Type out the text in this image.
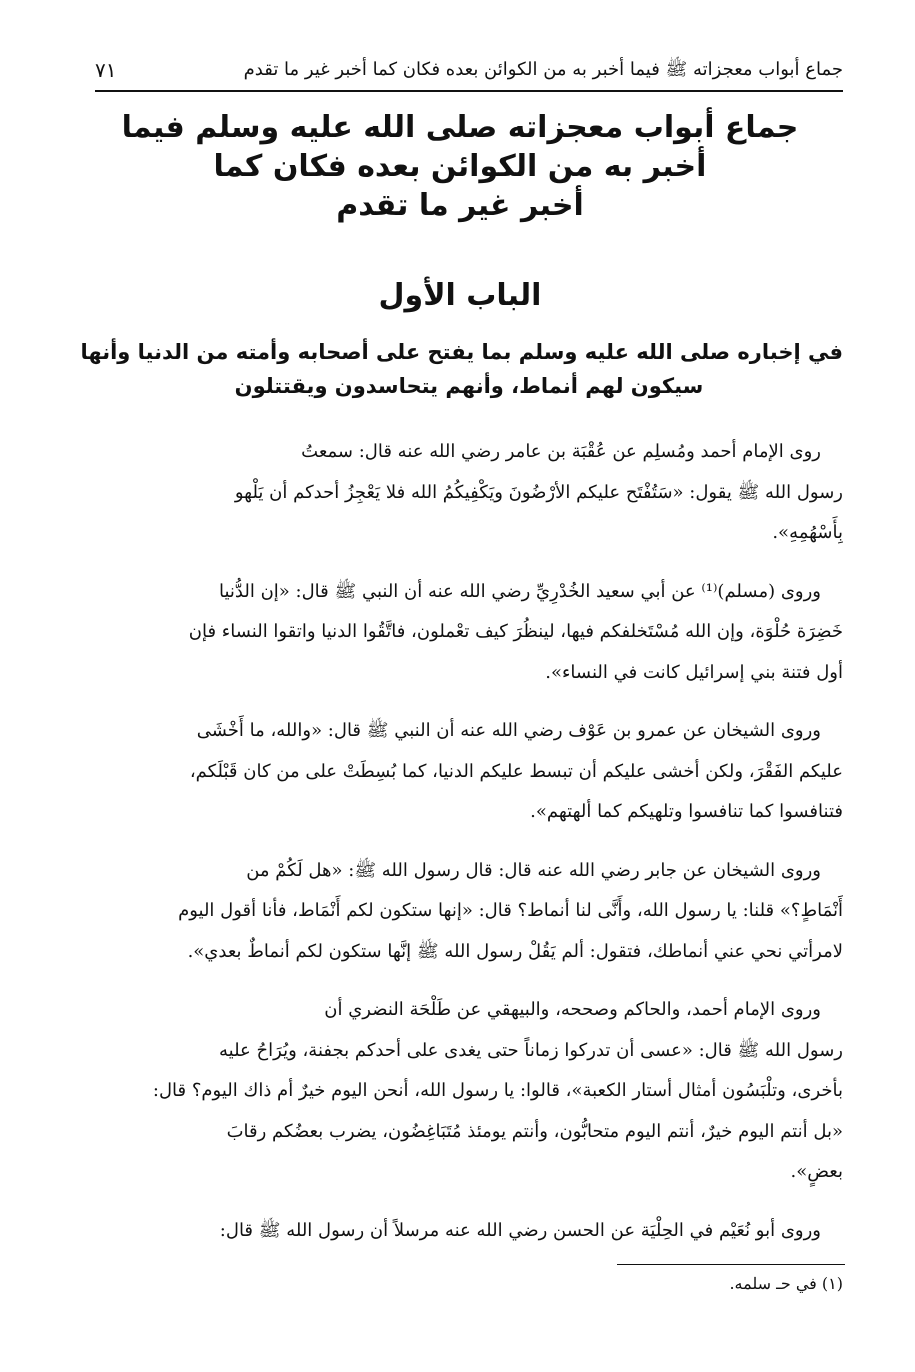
جماع أبواب معجزاته ﷺ فيما أخبر به من الكوائن بعده فكان كما أخبر غير ما تقدم
٧١
جماع أبواب معجزاته صلى الله عليه وسلم فيما
أخبر به من الكوائن بعده فكان كما
أخبر غير ما تقدم
الباب الأول
في إخباره صلى الله عليه وسلم بما يفتح على أصحابه وأمته من الدنيا وأنها
سيكون لهم أنماط، وأنهم يتحاسدون ويقتتلون
روى الإمام أحمد ومُسلِم عن عُقْبَة بن عامر رضي الله عنه قال: سمعتُ
رسول الله ﷺ يقول: «سَتُفْتَح عليكم الأرْضُونَ ويَكْفِيكُمُ الله فلا يَعْجِزُ أحدكم أن يَلْهو
بِأَسْهُمِهِ».
وروى (مسلم)⁽¹⁾ عن أبي سعيد الخُدْرِيِّ رضي الله عنه أن النبي ﷺ قال: «إن الدُّنيا
خَضِرَة حُلْوَة، وإن الله مُسْتَخلفكم فيها، لينظُرَ كيف تعْملون، فاتَّقُوا الدنيا واتقوا النساء فإن
أول فتنة بني إسرائيل كانت في النساء».
وروى الشيخان عن عمرو بن عَوْف رضي الله عنه أن النبي ﷺ قال: «والله، ما أَخْشَى
عليكم الفَقْرَ، ولكن أخشى عليكم أن تبسط عليكم الدنيا، كما بُسِطَتْ على من كان قَبْلَكم،
فتنافسوا كما تنافسوا وتلهيكم كما ألهتهم».
وروى الشيخان عن جابر رضي الله عنه قال: قال رسول الله ﷺ: «هل لَكُمْ من
أَنْمَاطٍ؟» قلنا: يا رسول الله، وأَنَّى لنا أنماط؟ قال: «إنها ستكون لكم أَنْمَاط، فأنا أقول اليوم
لامرأتي نحي عني أنماطك، فتقول: ألم يَقُلْ رسول الله ﷺ إنَّها ستكون لكم أنماطٌ بعدي».
وروى الإمام أحمد، والحاكم وصححه، والبيهقي عن طَلْحَة النضري أن
رسول الله ﷺ قال: «عسى أن تدركوا زماناً حتى يغدى على أحدكم بجفنة، ويُرَاحُ عليه
بأخرى، وتلْبَسُون أمثال أستار الكعبة»، قالوا: يا رسول الله، أنحن اليوم خيرٌ أم ذاك اليوم؟ قال:
«بل أنتم اليوم خيرٌ، أنتم اليوم متحابُّون، وأنتم يومئذ مُتَبَاغِضُون، يضرب بعضُكم رقابَ
بعضٍ».
وروى أبو نُعَيْم في الحِلْيَة عن الحسن رضي الله عنه مرسلاً أن رسول الله ﷺ قال:
(١) في حـ سلمه.
